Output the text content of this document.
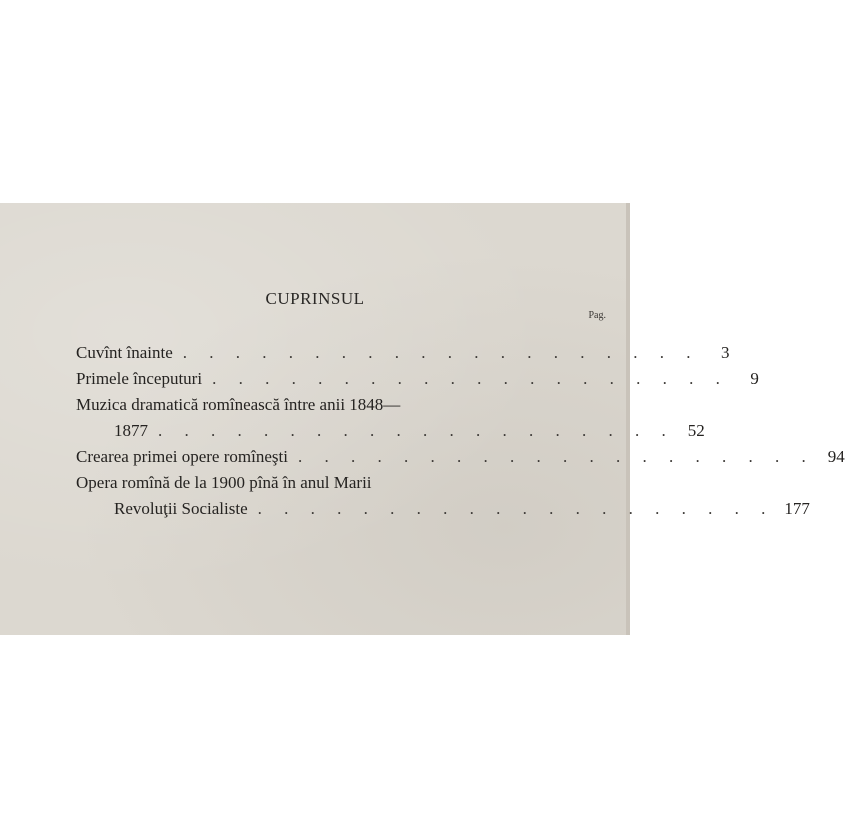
CUPRINSUL
Pag.
Cuvînt înainte . . . . . . . . . . . . . . . . . . . .	3
Primele începuturi . . . . . . . . . . . . . . . . . . . .	9
Muzica dramatică romînească între anii 1848—
1877 . . . . . . . . . . . . . . . . . . . . 52
Crearea primei opere romîneşti . . . . . . . . . . . . . . . . . . . . 94
Opera romînă de la 1900 pînă în anul Marii
Revoluţii Socialiste . . . . . . . . . . . . . . . . . . . . 177
